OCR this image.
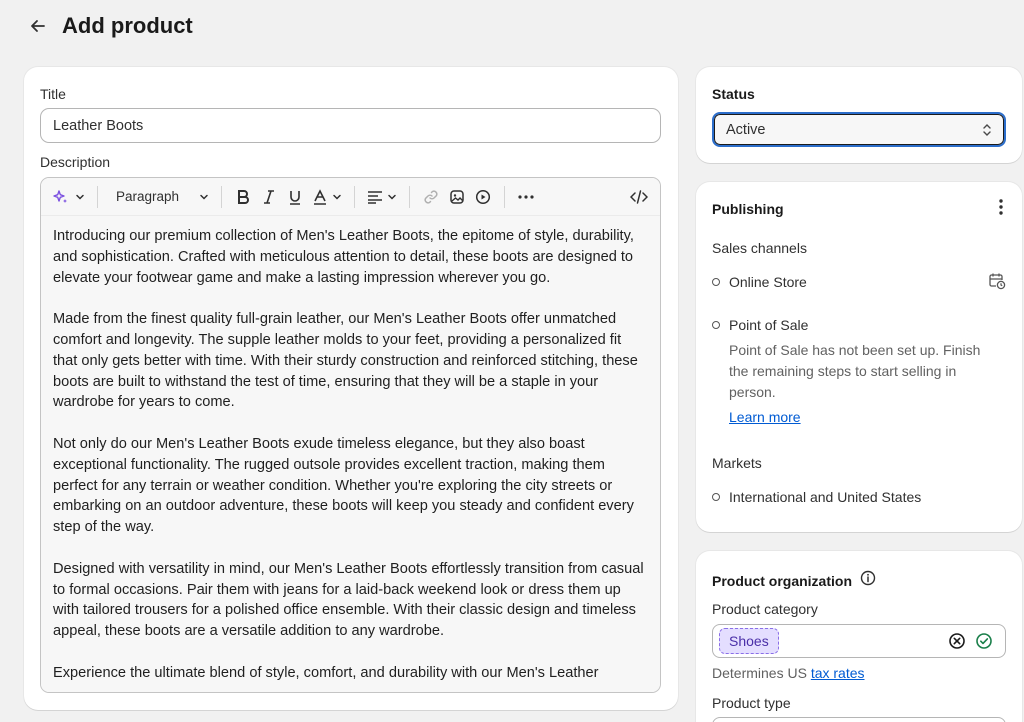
Add product
Title
Leather Boots
Description
Paragraph

Introducing our premium collection of Men's Leather Boots, the epitome of style, durability, and sophistication. Crafted with meticulous attention to detail, these boots are designed to elevate your footwear game and make a lasting impression wherever you go.

Made from the finest quality full-grain leather, our Men's Leather Boots offer unmatched comfort and longevity. The supple leather molds to your feet, providing a personalized fit that only gets better with time. With their sturdy construction and reinforced stitching, these boots are built to withstand the test of time, ensuring that they will be a staple in your wardrobe for years to come.

Not only do our Men's Leather Boots exude timeless elegance, but they also boast exceptional functionality. The rugged outsole provides excellent traction, making them perfect for any terrain or weather condition. Whether you're exploring the city streets or embarking on an outdoor adventure, these boots will keep you steady and confident every step of the way.

Designed with versatility in mind, our Men's Leather Boots effortlessly transition from casual to formal occasions. Pair them with jeans for a laid-back weekend look or dress them up with tailored trousers for a polished office ensemble. With their classic design and timeless appeal, these boots are a versatile addition to any wardrobe.

Experience the ultimate blend of style, comfort, and durability with our Men's Leather

Status
Active
Publishing
Sales channels
Online Store
Point of Sale
Point of Sale has not been set up. Finish the remaining steps to start selling in person.
Learn more
Markets
International and United States
Product organization
Product category
Shoes
Determines US tax rates
Product type
